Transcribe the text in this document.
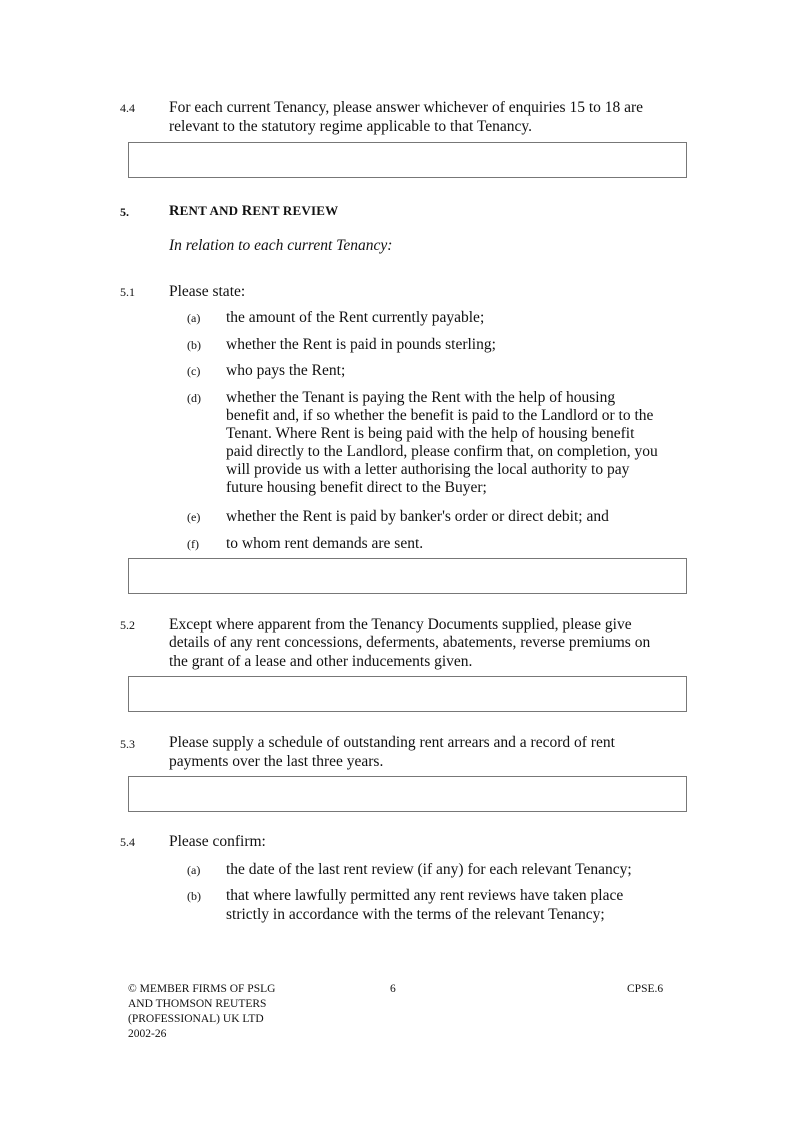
4.4 For each current Tenancy, please answer whichever of enquiries 15 to 18 are
relevant to the statutory regime applicable to that Tenancy.
5.	RENT AND RENT REVIEW
In relation to each current Tenancy:
5.1 Please state:
(a) the amount of the Rent currently payable;
(b) whether the Rent is paid in pounds sterling;
(c) who pays the Rent;
(d) whether the Tenant is paying the Rent with the help of housing
benefit and, if so whether the benefit is paid to the Landlord or to the
Tenant. Where Rent is being paid with the help of housing benefit
paid directly to the Landlord, please confirm that, on completion, you
will provide us with a letter authorising the local authority to pay
future housing benefit direct to the Buyer;
(e) whether the Rent is paid by banker's order or direct debit; and
(f) to whom rent demands are sent.
5.2 Except where apparent from the Tenancy Documents supplied, please give
details of any rent concessions, deferments, abatements, reverse premiums on
the grant of a lease and other inducements given.
5.3 Please supply a schedule of outstanding rent arrears and a record of rent
payments over the last three years.
5.4 Please confirm:
(a) the date of the last rent review (if any) for each relevant Tenancy;
(b) that where lawfully permitted any rent reviews have taken place
strictly in accordance with the terms of the relevant Tenancy;
© MEMBER FIRMS OF PSLG
AND THOMSON REUTERS
(PROFESSIONAL) UK LTD
2002-26
6	CPSE.6
